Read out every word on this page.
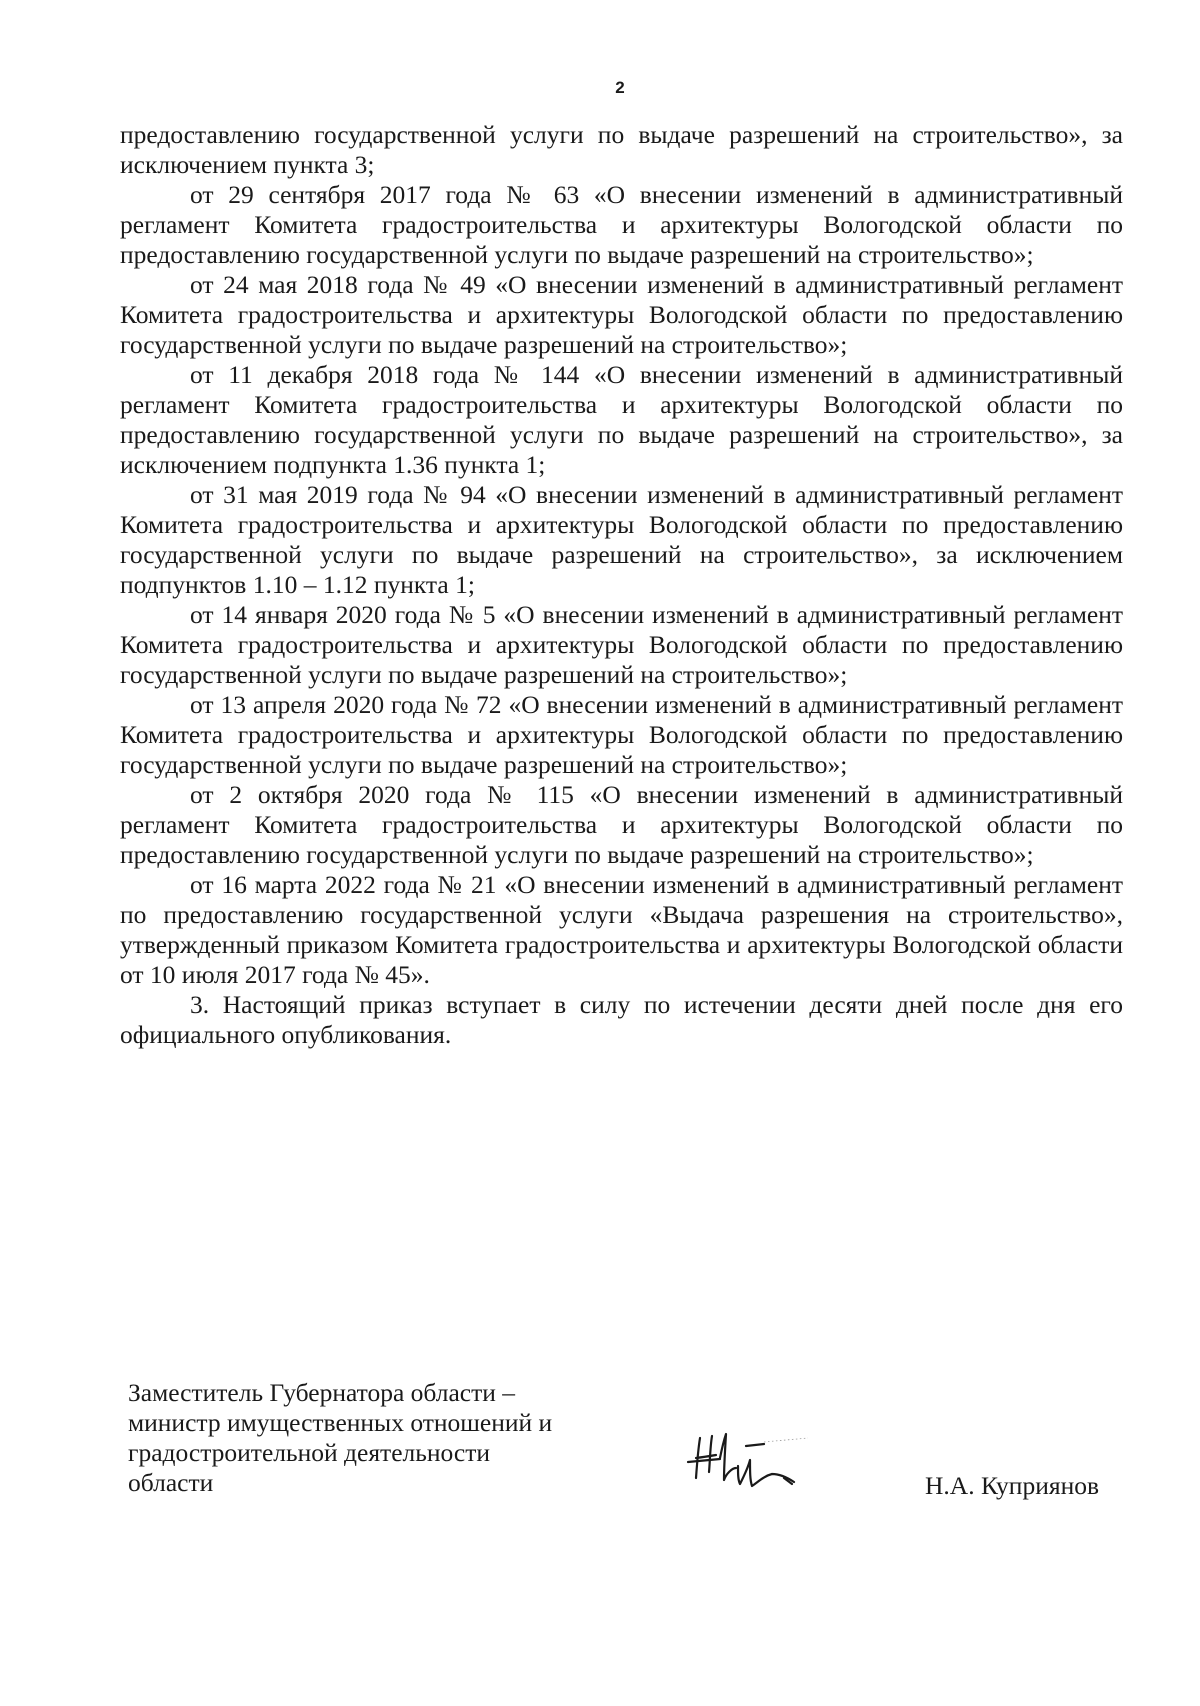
2

предоставлению государственной услуги по выдаче разрешений на строительство», за исключением пункта 3;

от 29 сентября 2017 года № 63 «О внесении изменений в административный регламент Комитета градостроительства и архитектуры Вологодской области по предоставлению государственной услуги по выдаче разрешений на строительство»;

от 24 мая 2018 года № 49 «О внесении изменений в административный регламент Комитета градостроительства и архитектуры Вологодской области по предоставлению государственной услуги по выдаче разрешений на строительство»;

от 11 декабря 2018 года № 144 «О внесении изменений в административный регламент Комитета градостроительства и архитектуры Вологодской области по предоставлению государственной услуги по выдаче разрешений на строительство», за исключением подпункта 1.36 пункта 1;

от 31 мая 2019 года № 94 «О внесении изменений в административный регламент Комитета градостроительства и архитектуры Вологодской области по предоставлению государственной услуги по выдаче разрешений на строительство», за исключением подпунктов 1.10 – 1.12 пункта 1;

от 14 января 2020 года № 5 «О внесении изменений в административный регламент Комитета градостроительства и архитектуры Вологодской области по предоставлению государственной услуги по выдаче разрешений на строительство»;

от 13 апреля 2020 года № 72 «О внесении изменений в административный регламент Комитета градостроительства и архитектуры Вологодской области по предоставлению государственной услуги по выдаче разрешений на строительство»;

от 2 октября 2020 года № 115 «О внесении изменений в административный регламент Комитета градостроительства и архитектуры Вологодской области по предоставлению государственной услуги по выдаче разрешений на строительство»;

от 16 марта 2022 года № 21 «О внесении изменений в административный регламент по предоставлению государственной услуги «Выдача разрешения на строительство», утвержденный приказом Комитета градостроительства и архитектуры Вологодской области от 10 июля 2017 года № 45».

3. Настоящий приказ вступает в силу по истечении десяти дней после дня его официального опубликования.

Заместитель Губернатора области –
министр имущественных отношений и
градостроительной деятельности
области	Н.А. Куприянов
